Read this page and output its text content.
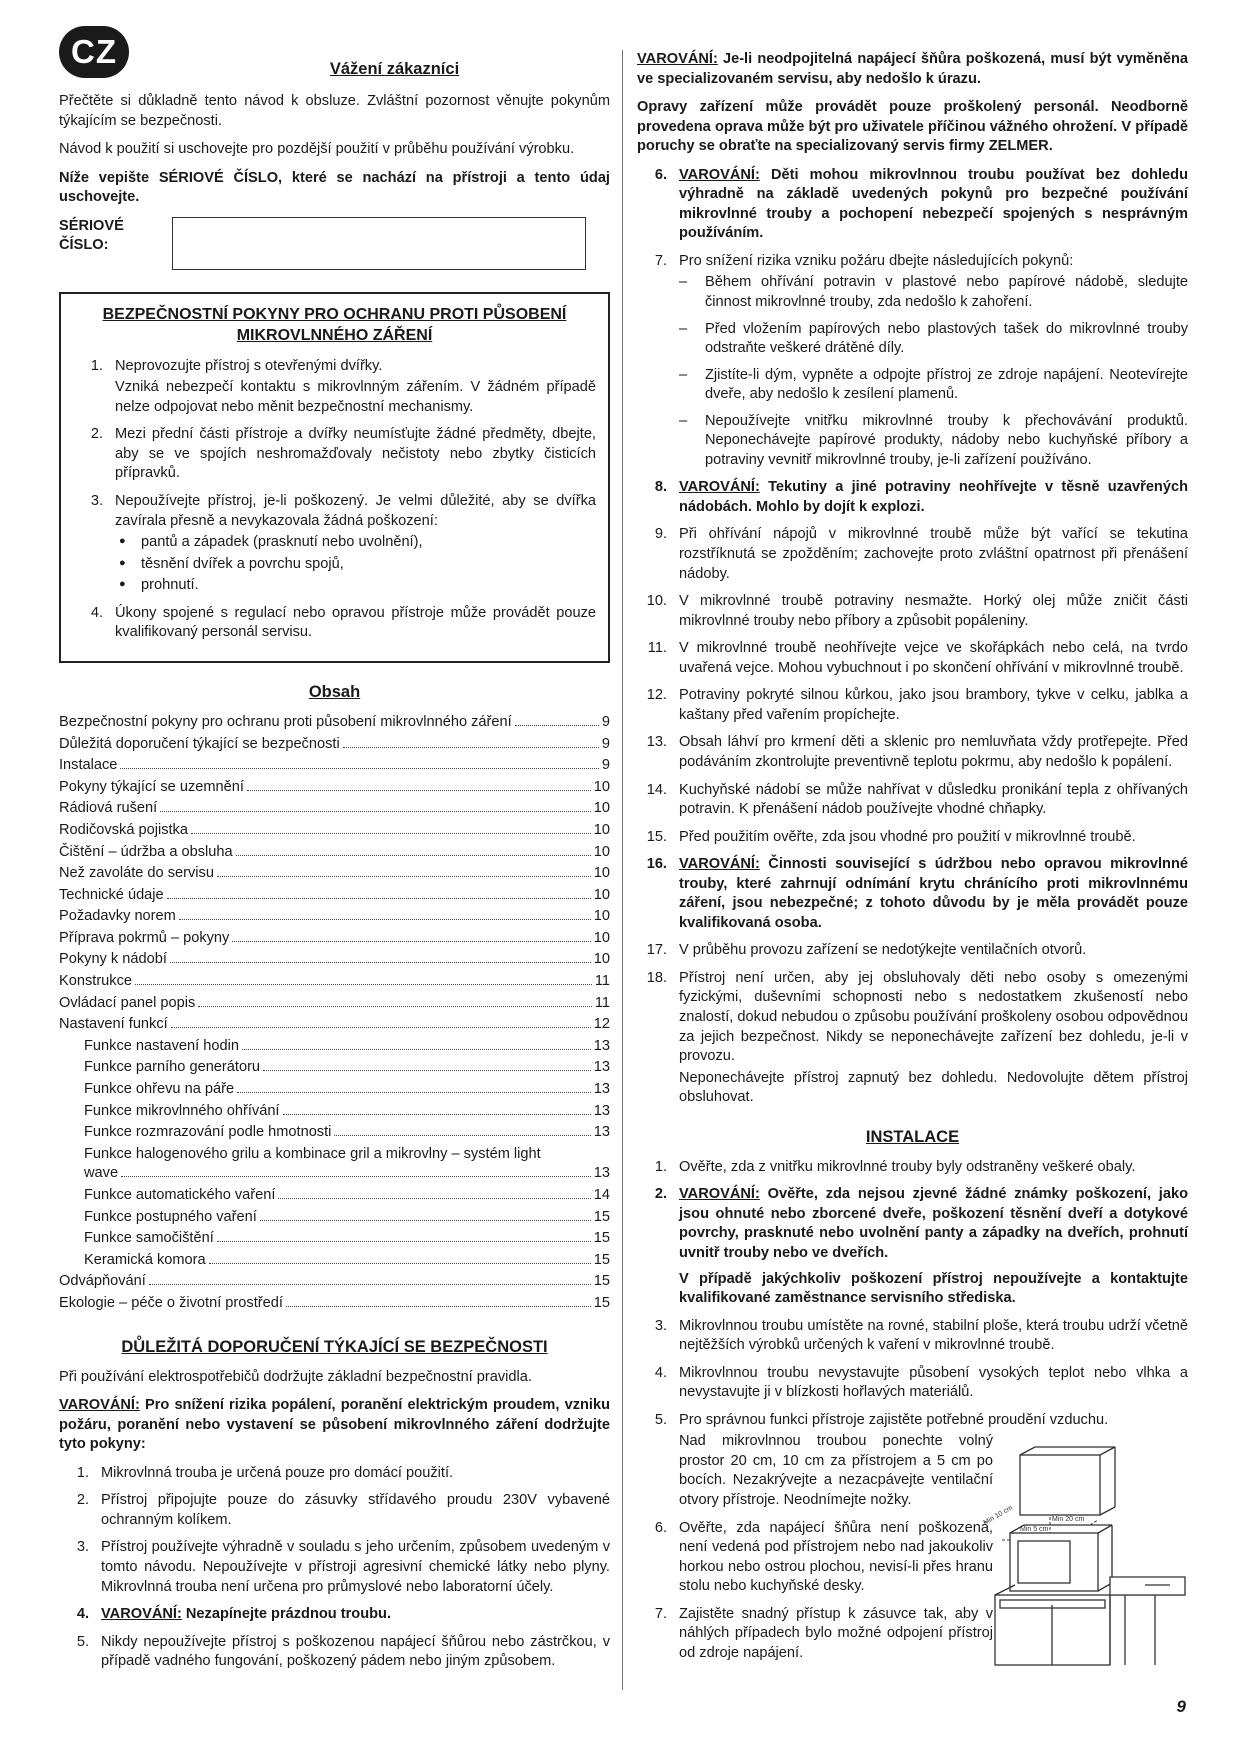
CZ	Vážení zákazníci

Přečtěte si důkladně tento návod k obsluze. Zvláštní pozornost věnujte pokynům týkajícím se bezpečnosti.

Návod k použití si uschovejte pro pozdější použití v průběhu používání výrobku.

Níže vepište SÉRIOVÉ ČÍSLO, které se nachází na přístroji a tento údaj uschovejte.

SÉRIOVÉ ČÍSLO:
BEZPEČNOSTNÍ POKYNY PRO OCHRANU PROTI PŮSOBENÍ MIKROVLNNÉHO ZÁŘENÍ
1. Neprovozujte přístroj s otevřenými dvířky.
Vzniká nebezpečí kontaktu s mikrovlnným zářením. V žádném případě nelze odpojovat nebo měnit bezpečnostní mechanismy.
2. Mezi přední části přístroje a dvířky neumísťujte žádné předměty, dbejte, aby se ve spojích neshromažďovaly nečistoty nebo zbytky čisticích přípravků.
3. Nepoužívejte přístroj, je-li poškozený. Je velmi důležité, aby se dvířka zavírala přesně a nevykazovala žádná poškození:
● pantů a západek (prasknutí nebo uvolnění),
● těsnění dvířek a povrchu spojů,
● prohnutí.
4. Úkony spojené s regulací nebo opravou přístroje může provádět pouze kvalifikovaný personál servisu.
Obsah
Bezpečnostní pokyny pro ochranu proti působení mikrovlnného záření	9
Důležitá doporučení týkající se bezpečnosti	9
Instalace	9
Pokyny týkající se uzemnění	10
Rádiová rušení	10
Rodičovská pojistka	10
Čištění – údržba a obsluha	10
Než zavoláte do servisu	10
Technické údaje	10
Požadavky norem	10
Příprava pokrmů – pokyny	10
Pokyny k nádobí	10
Konstrukce	11
Ovládací panel popis	11
Nastavení funkcí	12
Funkce nastavení hodin	13
Funkce parního generátoru	13
Funkce ohřevu na páře	13
Funkce mikrovlnného ohřívání	13
Funkce rozmrazování podle hmotnosti	13
Funkce halogenového grilu a kombinace gril a mikrovlny – systém light
wave	13
Funkce automatického vaření	14
Funkce postupného vaření	15
Funkce samočištění	15
Keramická komora	15
Odvápňování	15
Ekologie – péče o životní prostředí	15
DŮLEŽITÁ DOPORUČENÍ TÝKAJÍCÍ SE BEZPEČNOSTI

Při používání elektrospotřebičů dodržujte základní bezpečnostní pravidla.

VAROVÁNÍ: Pro snížení rizika popálení, poranění elektrickým proudem, vzniku požáru, poranění nebo vystavení se působení mikrovlnného záření dodržujte tyto pokyny:

1. Mikrovlnná trouba je určená pouze pro domácí použití.
2. Přístroj připojujte pouze do zásuvky střídavého proudu 230V vybavené ochranným kolíkem.
3. Přístroj používejte výhradně v souladu s jeho určením, způsobem uvedeným v tomto návodu. Nepoužívejte v přístroji agresivní chemické látky nebo plyny. Mikrovlnná trouba není určena pro průmyslové nebo laboratorní účely.
4. VAROVÁNÍ: Nezapínejte prázdnou troubu.
5. Nikdy nepoužívejte přístroj s poškozenou napájecí šňůrou nebo zástrčkou, v případě vadného fungování, poškozený pádem nebo jiným způsobem.

VAROVÁNÍ: Je-li neodpojitelná napájecí šňůra poškozená, musí být vyměněna ve specializovaném servisu, aby nedošlo k úrazu.

Opravy zařízení může provádět pouze proškolený personál. Neodborně provedena oprava může být pro uživatele příčinou vážného ohrožení. V případě poruchy se obraťte na specializovaný servis firmy ZELMER.

6. VAROVÁNÍ: Děti mohou mikrovlnnou troubu používat bez dohledu výhradně na základě uvedených pokynů pro bezpečné používání mikrovlnné trouby a pochopení nebezpečí spojených s nesprávným používáním.
7. Pro snížení rizika vzniku požáru dbejte následujících pokynů:
– Během ohřívání potravin v plastové nebo papírové nádobě, sledujte činnost mikrovlnné trouby, zda nedošlo k zahoření.
– Před vložením papírových nebo plastových tašek do mikrovlnné trouby odstraňte veškeré drátěné díly.
– Zjistíte-li dým, vypněte a odpojte přístroj ze zdroje napájení. Neotevírejte dveře, aby nedošlo k zesílení plamenů.
– Nepoužívejte vnitřku mikrovlnné trouby k přechovávání produktů. Neponechávejte papírové produkty, nádoby nebo kuchyňské příbory a potraviny vevnitř mikrovlnné trouby, je-li zařízení používáno.
8. VAROVÁNÍ: Tekutiny a jiné potraviny neohřívejte v těsně uzavřených nádobách. Mohlo by dojít k explozi.
9. Při ohřívání nápojů v mikrovlnné troubě může být vařící se tekutina rozstříknutá se zpožděním; zachovejte proto zvláštní opatrnost při přenášení nádoby.
10. V mikrovlnné troubě potraviny nesmažte. Horký olej může zničit části mikrovlnné trouby nebo příbory a způsobit popáleniny.
11. V mikrovlnné troubě neohřívejte vejce ve skořápkách nebo celá, na tvrdo uvařená vejce. Mohou vybuchnout i po skončení ohřívání v mikrovlnné troubě.
12. Potraviny pokryté silnou kůrkou, jako jsou brambory, tykve v celku, jablka a kaštany před vařením propíchejte.
13. Obsah láhví pro krmení děti a sklenic pro nemluvňata vždy protřepejte. Před podáváním zkontrolujte preventivně teplotu pokrmu, aby nedošlo k popálení.
14. Kuchyňské nádobí se může nahřívat v důsledku pronikání tepla z ohřívaných potravin. K přenášení nádob používejte vhodné chňapky.
15. Před použitím ověřte, zda jsou vhodné pro použití v mikrovlnné troubě.
16. VAROVÁNÍ: Činnosti související s údržbou nebo opravou mikrovlnné trouby, které zahrnují odnímání krytu chránícího proti mikrovlnnému záření, jsou nebezpečné; z tohoto důvodu by je měla provádět pouze kvalifikovaná osoba.
17. V průběhu provozu zařízení se nedotýkejte ventilačních otvorů.
18. Přístroj není určen, aby jej obsluhovaly děti nebo osoby s omezenými fyzickými, duševními schopnosti nebo s nedostatkem zkušeností nebo znalostí, dokud nebudou o způsobu používání proškoleny osobou odpovědnou za jejich bezpečnost. Nikdy se neponechávejte zařízení bez dohledu, je-li v provozu.
Neponechávejte přístroj zapnutý bez dohledu. Nedovolujte dětem přístroj obsluhovat.
INSTALACE
1. Ověřte, zda z vnitřku mikrovlnné trouby byly odstraněny veškeré obaly.
2. VAROVÁNÍ: Ověřte, zda nejsou zjevné žádné známky poškození, jako jsou ohnuté nebo zborcené dveře, poškození těsnění dveří a dotykové povrchy, prasknuté nebo uvolnění panty a západky na dveřích, prohnutí uvnitř trouby nebo ve dveřích.
V případě jakýchkoliv poškození přístroj nepoužívejte a kontaktujte kvalifikované zaměstnance servisního střediska.
3. Mikrovlnnou troubu umístěte na rovné, stabilní ploše, která troubu udrží včetně nejtěžších výrobků určených k vaření v mikrovlnné troubě.
4. Mikrovlnnou troubu nevystavujte působení vysokých teplot nebo vlhka a nevystavujte ji v blízkosti hořlavých materiálů.
5. Pro správnou funkci přístroje zajistěte potřebné proudění vzduchu.
Nad mikrovlnnou troubou ponechte volný prostor 20 cm, 10 cm za přístrojem a 5 cm po bocích. Nezakrývejte a nezacpávejte ventilační otvory přístroje. Neodnímejte nožky.
6. Ověřte, zda napájecí šňůra není poškozená, není vedená pod přístrojem nebo nad jakoukoliv horkou nebo ostrou plochou, nevisí-li přes hranu stolu nebo kuchyňské desky.
7. Zajistěte snadný přístup k zásuvce tak, aby v náhlých případech bylo možné odpojení přístroj od zdroje napájení.
Min 20 cm
Min 10 cm
Min 5 cm
9
